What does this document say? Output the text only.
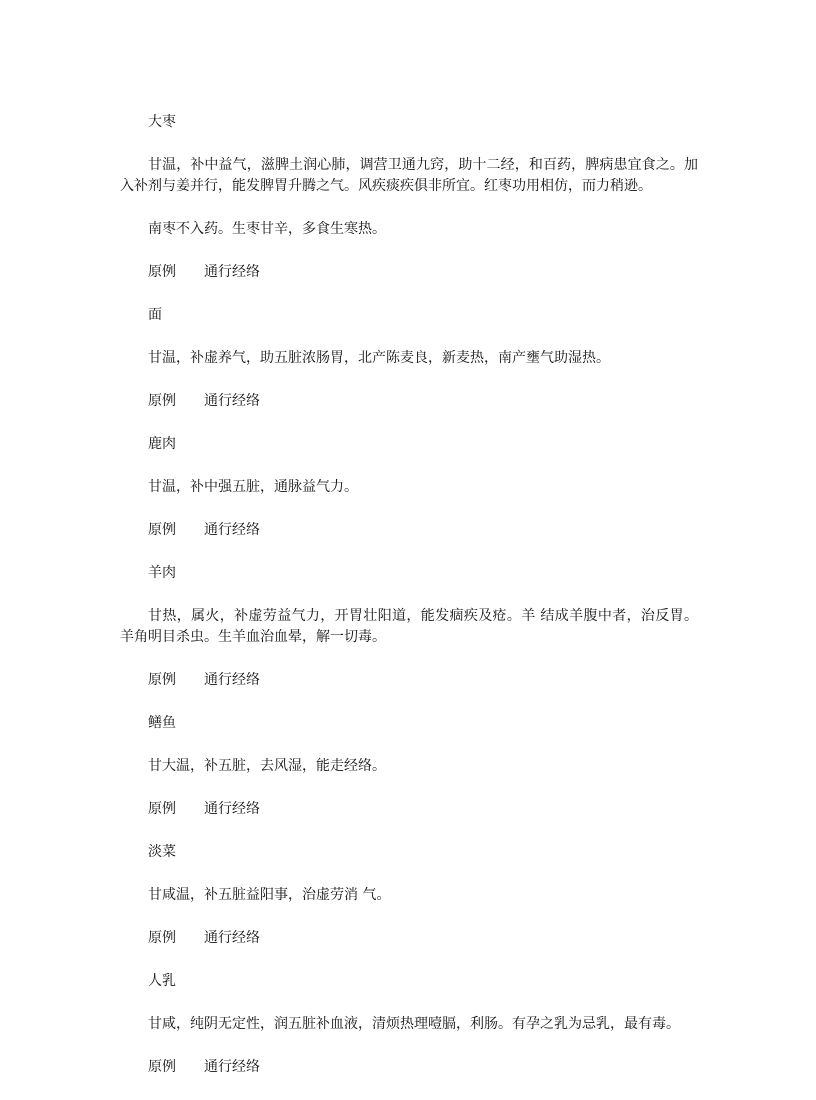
大枣

甘温，补中益气，滋脾土润心肺，调营卫通九窍，助十二经，和百药，脾病患宜食之。加入补剂与姜并行，能发脾胃升腾之气。风疾痰疾俱非所宜。红枣功用相仿，而力稍逊。

南枣不入药。生枣甘辛，多食生寒热。

原例 通行经络

面

甘温，补虚养气，助五脏浓肠胃，北产陈麦良，新麦热，南产壅气助湿热。

原例 通行经络

鹿肉

甘温，补中强五脏，通脉益气力。

原例 通行经络

羊肉

甘热，属火，补虚劳益气力，开胃壮阳道，能发痼疾及疮。羊 结成羊腹中者，治反胃。羊角明目杀虫。生羊血治血晕，解一切毒。

原例 通行经络

鳝鱼

甘大温，补五脏，去风湿，能走经络。

原例 通行经络

淡菜

甘咸温，补五脏益阳事，治虚劳消 气。

原例 通行经络

人乳

甘咸，纯阴无定性，润五脏补血液，清烦热理噎膈，利肠。有孕之乳为忌乳，最有毒。

原例 通行经络
